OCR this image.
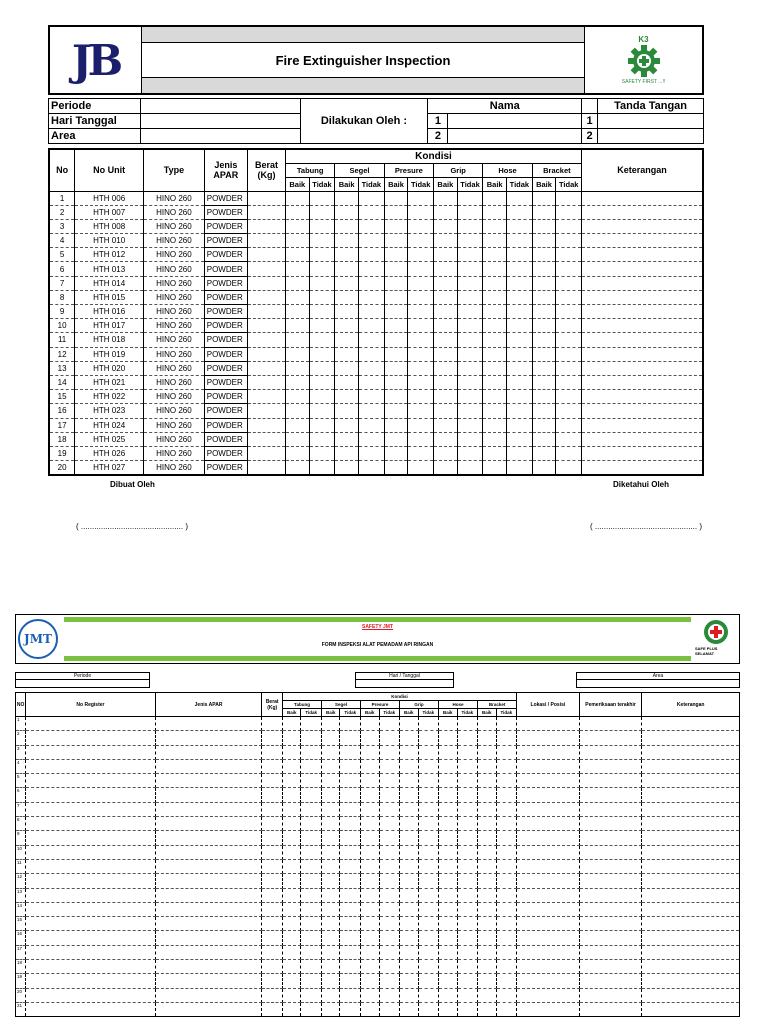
JB	Fire Extinguisher Inspection
K3
SAFETY FIRST ...!!
Periode		Dilakukan Oleh :	Nama			Tanda Tangan
Hari Tanggal			1		1	
Area			2		2	
No	No Unit	Type	Jenis APAR	Berat (Kg)	Kondisi												Keterangan
					Tabung		Segel		Presure		Grip		Hose		Bracket		
					Baik	Tidak	Baik	Tidak	Baik	Tidak	Baik	Tidak	Baik	Tidak	Baik	Tidak	
1	HTH 006	HINO 260	POWDER														
2	HTH 007	HINO 260	POWDER														
3	HTH 008	HINO 260	POWDER														
4	HTH 010	HINO 260	POWDER														
5	HTH 012	HINO 260	POWDER														
6	HTH 013	HINO 260	POWDER														
7	HTH 014	HINO 260	POWDER														
8	HTH 015	HINO 260	POWDER														
9	HTH 016	HINO 260	POWDER														
10	HTH 017	HINO 260	POWDER														
11	HTH 018	HINO 260	POWDER														
12	HTH 019	HINO 260	POWDER														
13	HTH 020	HINO 260	POWDER														
14	HTH 021	HINO 260	POWDER														
15	HTH 022	HINO 260	POWDER														
16	HTH 023	HINO 260	POWDER														
17	HTH 024	HINO 260	POWDER														
18	HTH 025	HINO 260	POWDER														
19	HTH 026	HINO 260	POWDER														
20	HTH 027	HINO 260	POWDER														
Dibuat Oleh	Diketahui Oleh
( .............................................. )	( .............................................. )
JMT
SAFETY JMT
FORM INSPEKSI ALAT PEMADAM API RINGAN
SAFE PLUS SELAMAT
Periode	Hari / Tanggal	Area
NO	No Register	Jenis APAR	Berat (Kg)	Kondisi												Lokasi / Posisi	Pemeriksaan terakhir	Keterangan
				Tabung		Segel		Presure		Grip		Hose		Bracket				
				Baik	Tidak	Baik	Tidak	Baik	Tidak	Baik	Tidak	Baik	Tidak	Baik	Tidak			
1																		
2																		
3																		
4																		
5																		
6																		
7																		
8																		
9																		
10																		
11																		
12																		
13																		
14																		
15																		
16																		
17																		
18																		
19																		
20																		
21																		
